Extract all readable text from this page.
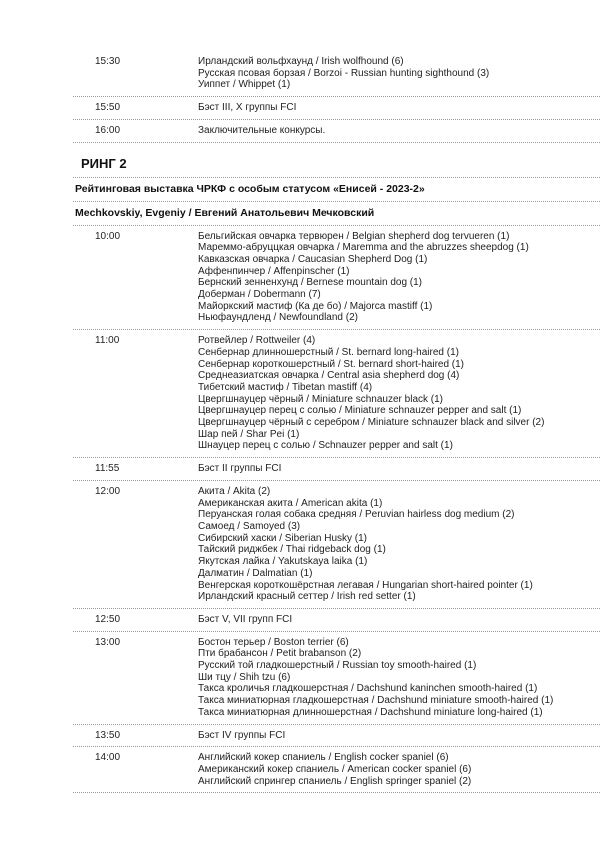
15:30	Ирландский вольфхаунд / Irish wolfhound (6)
Русская псовая борзая / Borzoi - Russian hunting sighthound (3)
Уиппет / Whippet (1)
15:50	Бэст III, X группы FCI
16:00	Заключительные конкурсы.
РИНГ 2
Рейтинговая выставка ЧРКФ с особым статусом «Енисей - 2023-2»
Mechkovskiy, Evgeniy / Евгений Анатольевич Мечковский
10:00	Бельгийская овчарка тервюрен / Belgian shepherd dog tervueren (1)
Мареммо-абруццкая овчарка / Maremma and the abruzzes sheepdog (1)
Кавказская овчарка / Caucasian Shepherd Dog (1)
Аффенпинчер / Affenpinscher (1)
Бернский зенненхунд / Bernese mountain dog (1)
Доберман / Dobermann (7)
Майоркский мастиф (Ка де бо) / Majorca mastiff (1)
Ньюфаундленд / Newfoundland (2)
11:00	Ротвейлер / Rottweiler (4)
Сенбернар длинношерстный / St. bernard long-haired (1)
Сенбернар короткошерстный / St. bernard short-haired (1)
Среднеазиатская овчарка / Central asia shepherd dog (4)
Тибетский мастиф / Tibetan mastiff (4)
Цвергшнауцер чёрный / Miniature schnauzer black (1)
Цвергшнауцер перец с солью / Miniature schnauzer pepper and salt (1)
Цвергшнауцер чёрный с серебром / Miniature schnauzer black and silver (2)
Шар пей / Shar Pei (1)
Шнауцер перец с солью / Schnauzer pepper and salt (1)
11:55	Бэст II группы FCI
12:00	Акита / Akita (2)
Американская акита / American akita (1)
Перуанская голая собака средняя / Peruvian hairless dog medium (2)
Самоед / Samoyed (3)
Сибирский хаски / Siberian Husky (1)
Тайский риджбек / Thai ridgeback dog (1)
Якутская лайка / Yakutskaya laika (1)
Далматин / Dalmatian (1)
Венгерская короткошёрстная легавая / Hungarian short-haired pointer (1)
Ирландский красный сеттер / Irish red setter (1)
12:50	Бэст V, VII групп FCI
13:00	Бостон терьер / Boston terrier (6)
Пти брабансон / Petit brabanson (2)
Русский той гладкошерстный / Russian toy smooth-haired (1)
Ши тцу / Shih tzu (6)
Такса кроличья гладкошерстная / Dachshund kaninchen smooth-haired (1)
Такса миниатюрная гладкошерстная / Dachshund miniature smooth-haired (1)
Такса миниатюрная длинношерстная / Dachshund miniature long-haired (1)
13:50	Бэст IV группы FCI
14:00	Английский кокер спаниель / English cocker spaniel (6)
Американский кокер спаниель / American cocker spaniel (6)
Английский спрингер спаниель / English springer spaniel (2)
